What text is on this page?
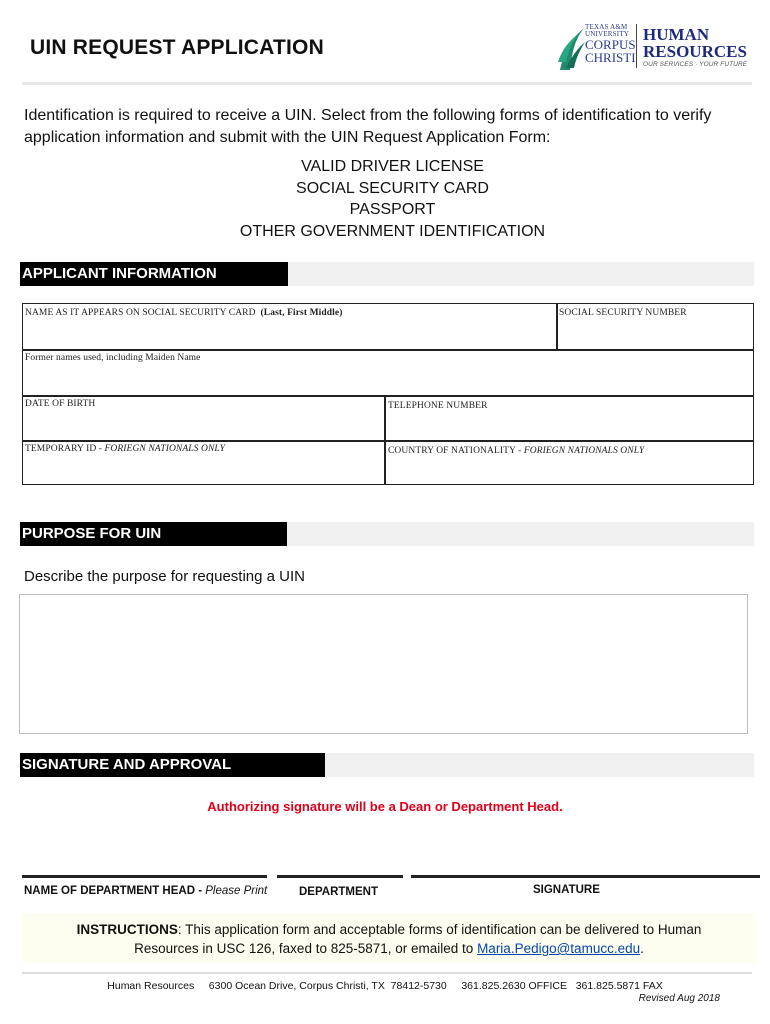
UIN REQUEST APPLICATION
TEXAS A&M
UNIVERSITY
CORPUS
CHRISTI
HUMAN
RESOURCES
OUR SERVICES · YOUR FUTURE
Identification is required to receive a UIN. Select from the following forms of identification to verify application information and submit with the UIN Request Application Form:
VALID DRIVER LICENSE
SOCIAL SECURITY CARD
PASSPORT
OTHER GOVERNMENT IDENTIFICATION
APPLICANT INFORMATION
NAME AS IT APPEARS ON SOCIAL SECURITY CARD (Last, First Middle)	SOCIAL SECURITY NUMBER
Former names used, including Maiden Name
DATE OF BIRTH	TELEPHONE NUMBER
TEMPORARY ID - FORIEGN NATIONALS ONLY	COUNTRY OF NATIONALITY - FORIEGN NATIONALS ONLY
PURPOSE FOR UIN
Describe the purpose for requesting a UIN
SIGNATURE AND APPROVAL
Authorizing signature will be a Dean or Department Head.
NAME OF DEPARTMENT HEAD - Please Print	DEPARTMENT	SIGNATURE
INSTRUCTIONS: This application form and acceptable forms of identification can be delivered to Human
Resources in USC 126, faxed to 825-5871, or emailed to Maria.Pedigo@tamucc.edu.
Human Resources     6300 Ocean Drive, Corpus Christi, TX  78412-5730     361.825.2630 OFFICE   361.825.5871 FAX
Revised Aug 2018
